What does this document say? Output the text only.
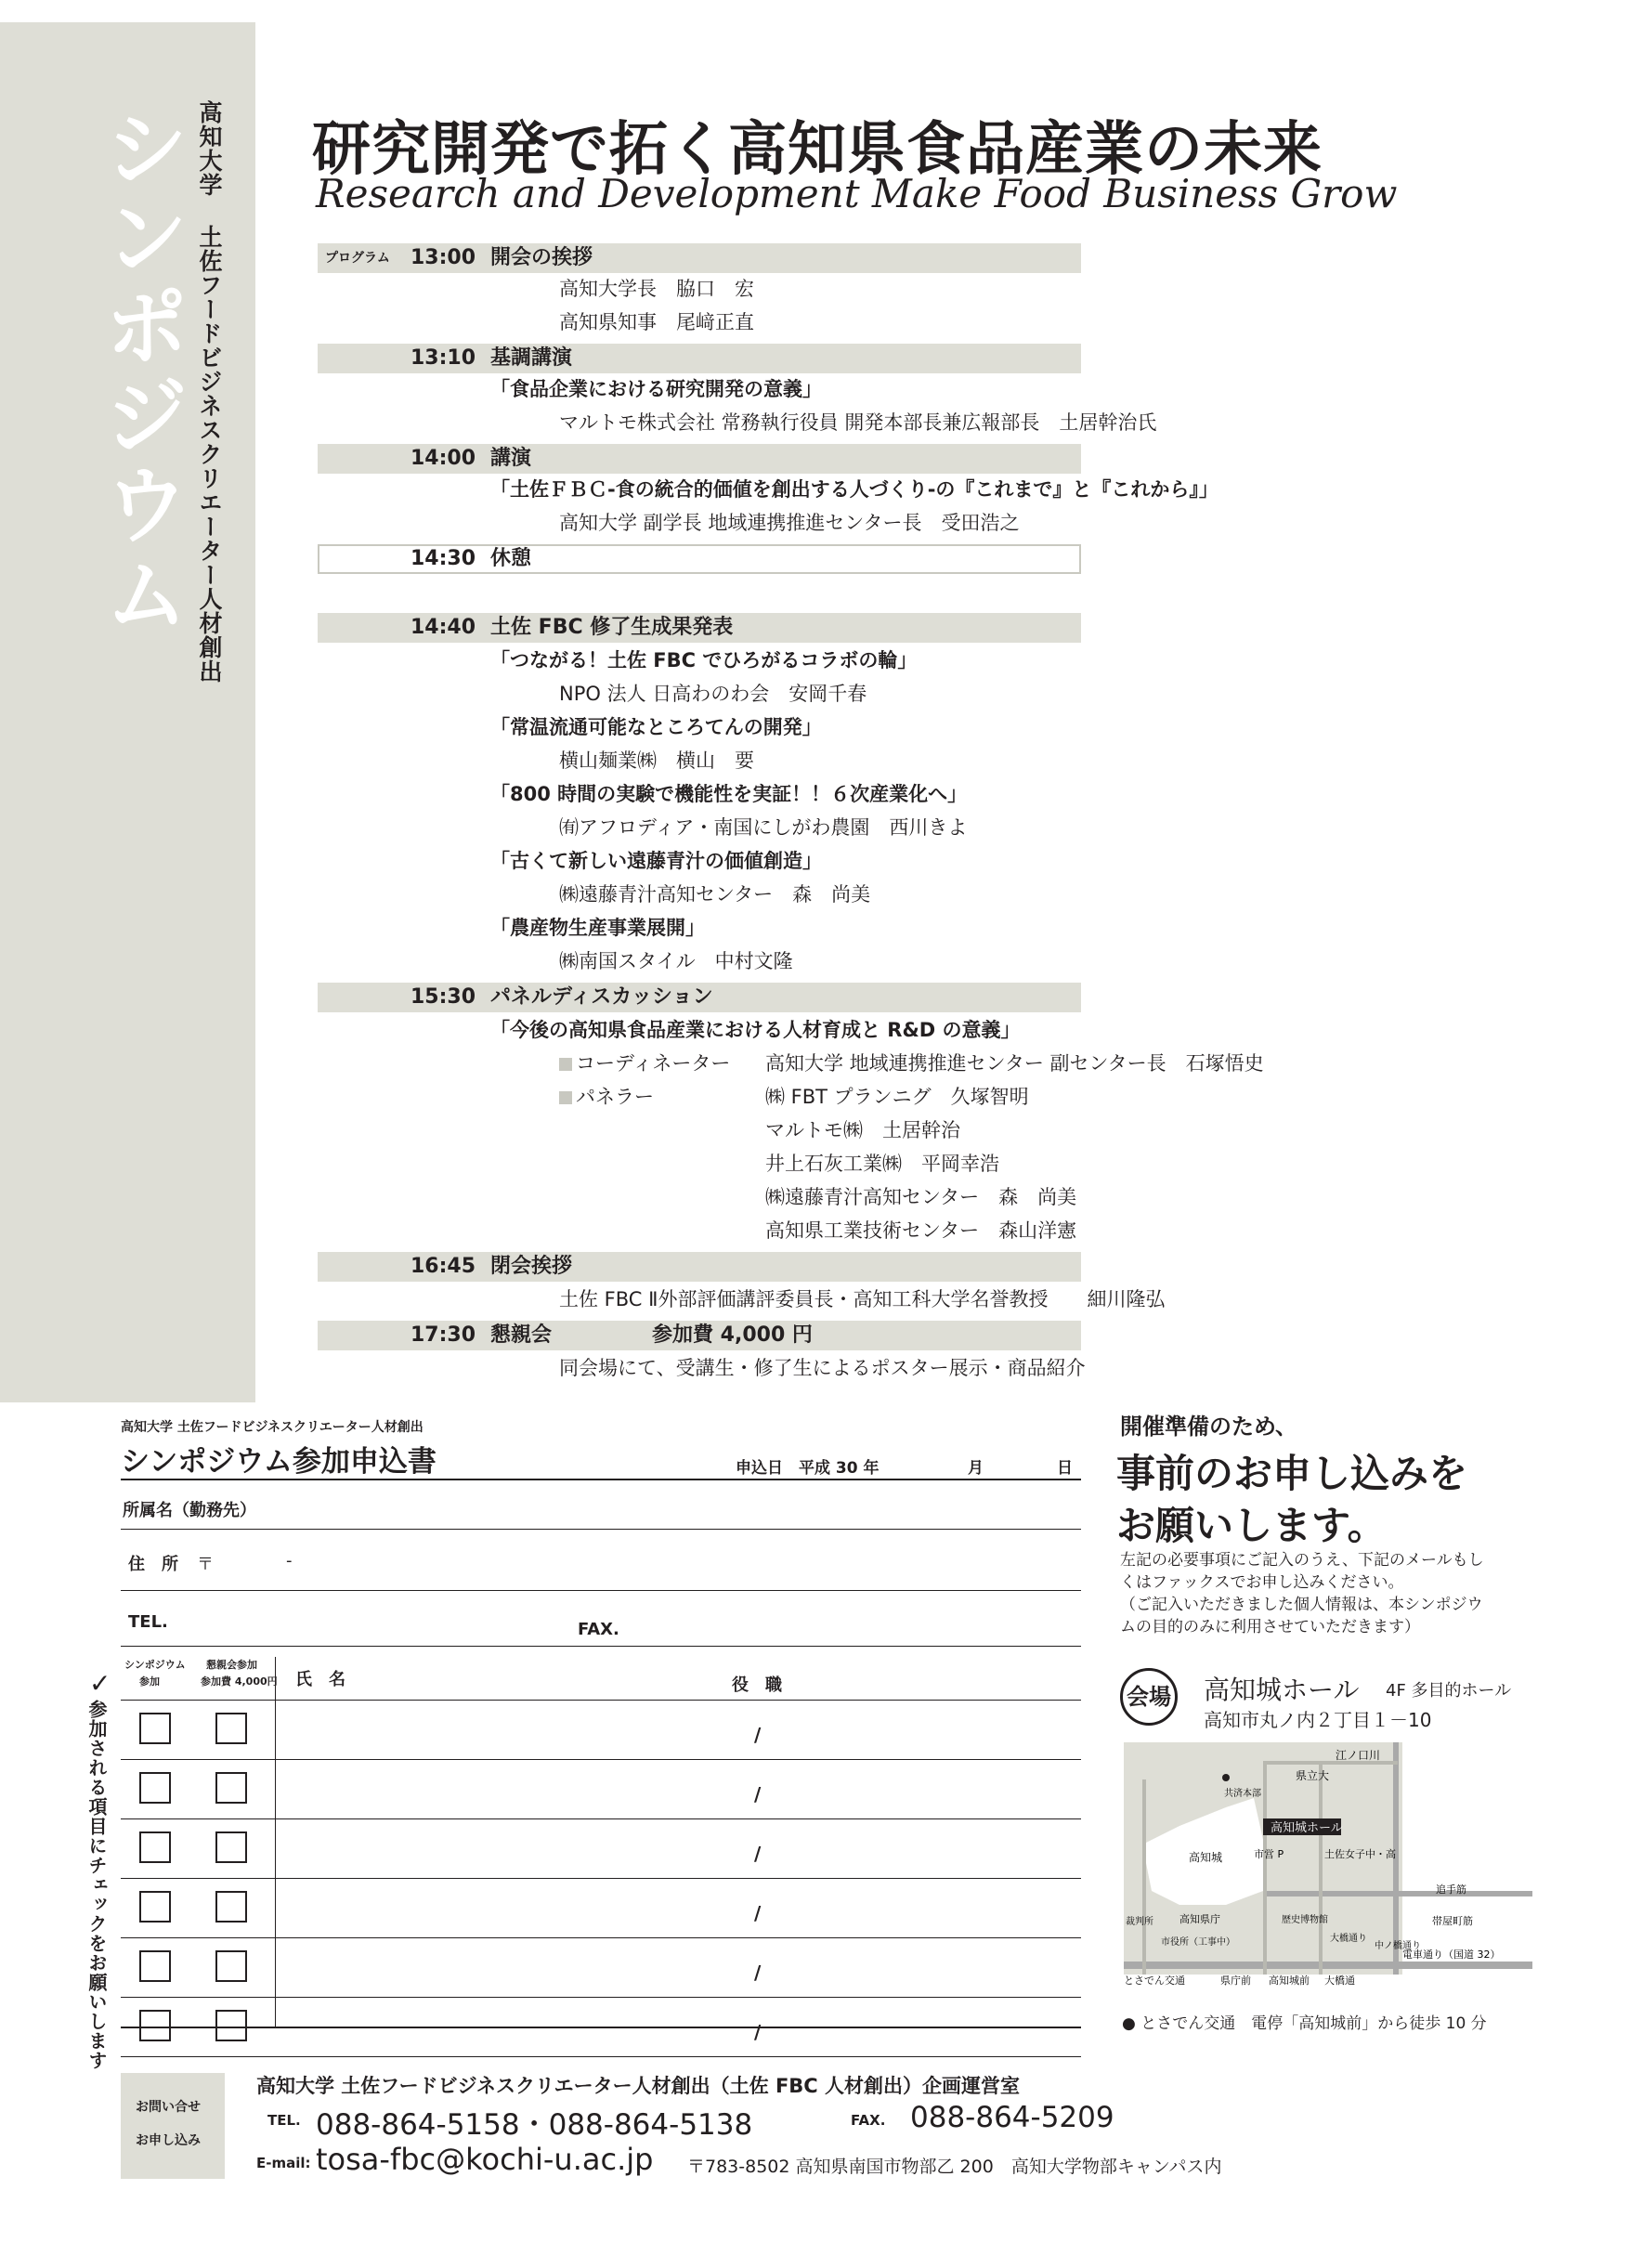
シンポジウム 高知大学 土佐フードビジネスクリエーター人材創出 研究開発で拓く高知県食品産業の未来
Research and Development Make Food Business Grow
プログラム 13:00 開会の挨拶
高知大学長　脇口　宏
高知県知事　尾﨑正直
13:10 基調講演
「食品企業における研究開発の意義」
マルトモ株式会社 常務執行役員 開発本部長兼広報部長　土居幹治氏
14:00 講演
「土佐ＦＢＣ-食の統合的価値を創出する人づくり-の『これまで』と『これから』」
高知大学 副学長 地域連携推進センター長　受田浩之
14:30 休憩
14:40 土佐 FBC 修了生成果発表
「つながる！土佐 FBC でひろがるコラボの輪」
NPO 法人 日高わのわ会　安岡千春
「常温流通可能なところてんの開発」
横山麺業㈱　横山　要
「800 時間の実験で機能性を実証！！６次産業化へ」
㈲アフロディア・南国にしがわ農園　西川きよ
「古くて新しい遠藤青汁の価値創造」
㈱遠藤青汁高知センター　森　尚美
「農産物生産事業展開」
㈱南国スタイル　中村文隆
15:30 パネルディスカッション
「今後の高知県食品産業における人材育成と R&D の意義」
コーディネーター 高知大学 地域連携推進センター 副センター長　石塚悟史
パネラー	㈱ FBT プランニグ　久塚智明
マルトモ㈱　土居幹治
井上石灰工業㈱　平岡幸浩
㈱遠藤青汁高知センター　森　尚美
高知県工業技術センター　森山洋憲
16:45 閉会挨拶
土佐 FBC Ⅱ外部評価講評委員長・高知工科大学名誉教授　　細川隆弘
17:30 懇親会	参加費 4,000 円
同会場にて、受講生・修了生によるポスター展示・商品紹介
高知大学 土佐フードビジネスクリエーター人材創出
シンポジウム参加申込書	申込日　平成 30 年	月	日
所属名（勤務先）
住　所 〒	-
TEL.	FAX.
シンポジウム
参加
懇親会参加
参加費 4,000円 氏　名	役　職
✓
参加される項目にチェックをお願いします	/
/
/
/
/
/
開催準備のため、
事前のお申し込みを
お願いします。
左記の必要事項にご記入のうえ、下記のメールもし
くはファックスでお申し込みください。
（ご記入いただきました個人情報は、本シンポジウ
ムの目的のみに利用させていただきます）
会場 高知城ホール 4F 多目的ホール
高知市丸ノ内２丁目１－10
高知城ホール
江ノ口川
共済本部
県立大
市営 P
高知城	土佐女子中・高
裁判所	高知県庁	歴史博物館
追手筋
帯屋町筋
市役所（工事中）	大橋通り
中ノ橋通り
電車通り（国道 32）
とさでん交通	県庁前 高知城前 大橋通
● とさでん交通　電停「高知城前」から徒歩 10 分
お問い合せ
お申し込み
高知大学 土佐フードビジネスクリエーター人材創出（土佐 FBC 人材創出）企画運営室
TEL. 088-864-5158・088-864-5138	FAX. 088-864-5209
E-mail: tosa-fbc@kochi-u.ac.jp 〒783-8502 高知県南国市物部乙 200　高知大学物部キャンパス内
